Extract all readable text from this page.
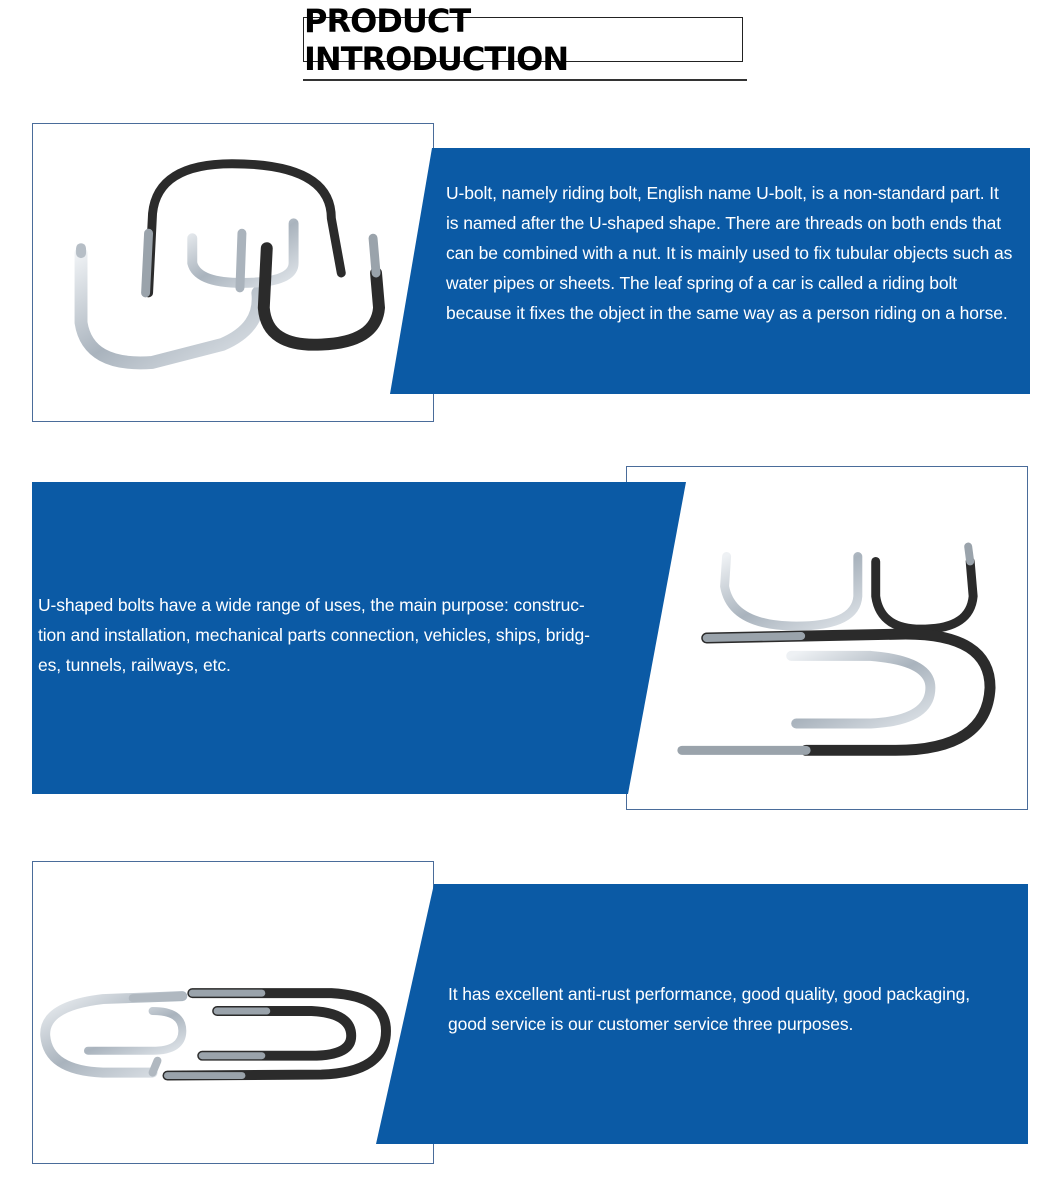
PRODUCT INTRODUCTION
U-bolt, namely riding bolt, English name U-bolt, is a non-standard part. It is named after the U-shaped shape. There are threads on both ends that can be combined with a nut. It is mainly used to fix tubular objects such as water pipes or sheets. The leaf spring of a car is called a riding bolt because it fixes the object in the same way as a person riding on a horse.
U-shaped bolts have a wide range of uses, the main purpose: construc-tion and installation, mechanical parts connection, vehicles, ships, bridg-es, tunnels, railways, etc.
It has excellent anti-rust performance, good quality, good packaging, good service is our customer service three purposes.
